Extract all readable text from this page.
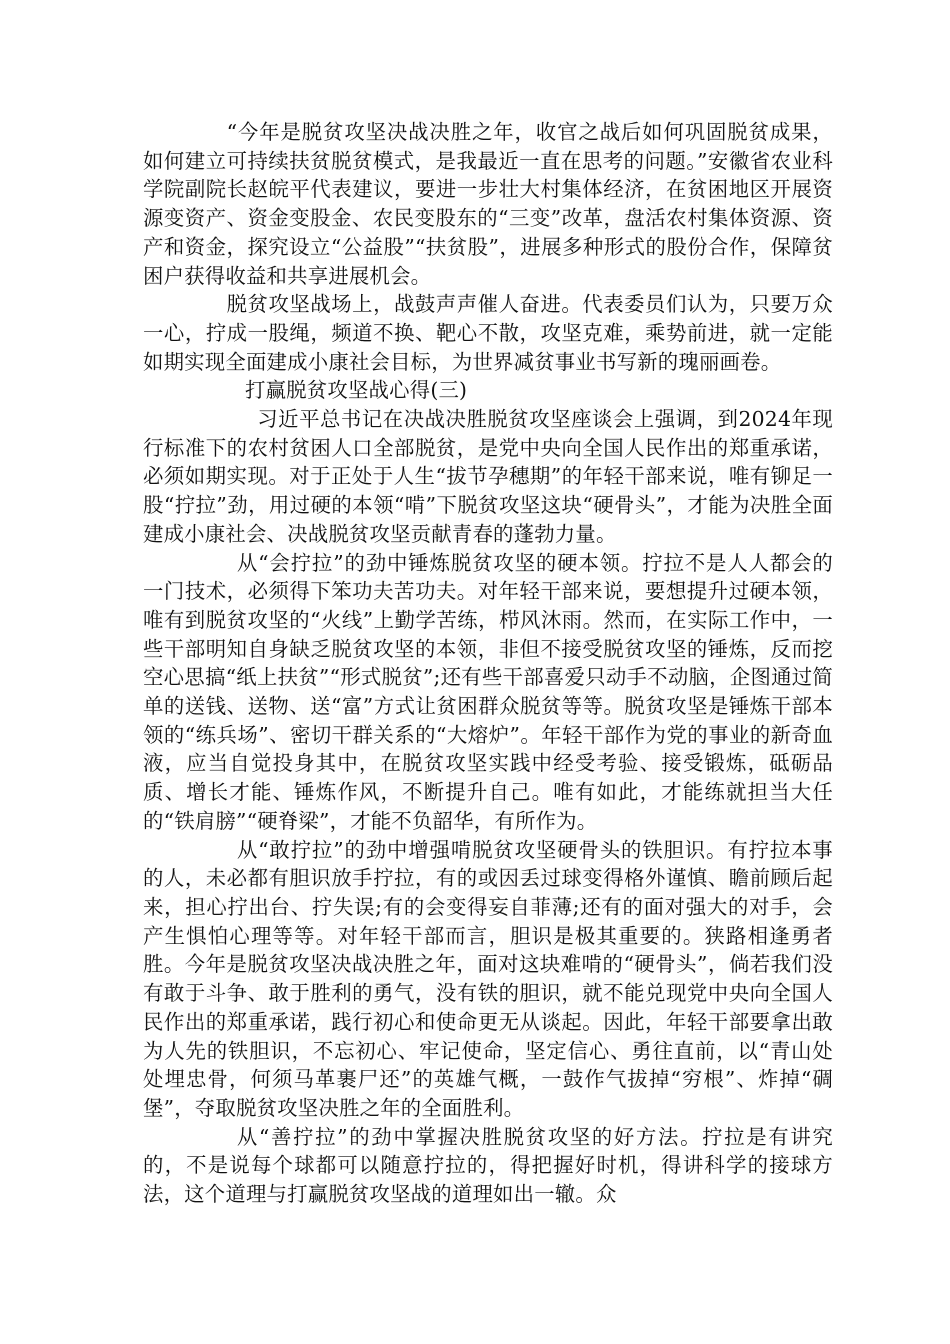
“今年是脱贫攻坚决战决胜之年，收官之战后如何巩固脱贫成果，如何建立可持续扶贫脱贫模式，是我最近一直在思考的问题。”安徽省农业科学院副院长赵皖平代表建议，要进一步壮大村集体经济，在贫困地区开展资源变资产、资金变股金、农民变股东的“三变”改革，盘活农村集体资源、资产和资金，探究设立“公益股”“扶贫股”，进展多种形式的股份合作，保障贫困户获得收益和共享进展机会。

脱贫攻坚战场上，战鼓声声催人奋进。代表委员们认为，只要万众一心，拧成一股绳，频道不换、靶心不散，攻坚克难，乘势前进，就一定能如期实现全面建成小康社会目标，为世界减贫事业书写新的瑰丽画卷。

打赢脱贫攻坚战心得(三)

习近平总书记在决战决胜脱贫攻坚座谈会上强调，到2024年现行标准下的农村贫困人口全部脱贫，是党中央向全国人民作出的郑重承诺，必须如期实现。对于正处于人生“拔节孕穗期”的年轻干部来说，唯有铆足一股“拧拉”劲，用过硬的本领“啃”下脱贫攻坚这块“硬骨头”，才能为决胜全面建成小康社会、决战脱贫攻坚贡献青春的蓬勃力量。

从“会拧拉”的劲中锤炼脱贫攻坚的硬本领。拧拉不是人人都会的一门技术，必须得下笨功夫苦功夫。对年轻干部来说，要想提升过硬本领，唯有到脱贫攻坚的“火线”上勤学苦练，栉风沐雨。然而，在实际工作中，一些干部明知自身缺乏脱贫攻坚的本领，非但不接受脱贫攻坚的锤炼，反而挖空心思搞“纸上扶贫”“形式脱贫”;还有些干部喜爱只动手不动脑，企图通过简单的送钱、送物、送“富”方式让贫困群众脱贫等等。脱贫攻坚是锤炼干部本领的“练兵场”、密切干群关系的“大熔炉”。年轻干部作为党的事业的新奇血液，应当自觉投身其中，在脱贫攻坚实践中经受考验、接受锻炼，砥砺品质、增长才能、锤炼作风，不断提升自己。唯有如此，才能练就担当大任的“铁肩膀”“硬脊梁”，才能不负韶华，有所作为。

从“敢拧拉”的劲中增强啃脱贫攻坚硬骨头的铁胆识。有拧拉本事的人，未必都有胆识放手拧拉，有的或因丢过球变得格外谨慎、瞻前顾后起来，担心拧出台、拧失误;有的会变得妄自菲薄;还有的面对强大的对手，会产生惧怕心理等等。对年轻干部而言，胆识是极其重要的。狭路相逢勇者胜。今年是脱贫攻坚决战决胜之年，面对这块难啃的“硬骨头”，倘若我们没有敢于斗争、敢于胜利的勇气，没有铁的胆识，就不能兑现党中央向全国人民作出的郑重承诺，践行初心和使命更无从谈起。因此，年轻干部要拿出敢为人先的铁胆识，不忘初心、牢记使命，坚定信心、勇往直前，以“青山处处埋忠骨，何须马革裹尸还”的英雄气概，一鼓作气拔掉“穷根”、炸掉“碉堡”，夺取脱贫攻坚决胜之年的全面胜利。

从“善拧拉”的劲中掌握决胜脱贫攻坚的好方法。拧拉是有讲究的，不是说每个球都可以随意拧拉的，得把握好时机，得讲科学的接球方法，这个道理与打赢脱贫攻坚战的道理如出一辙。众
